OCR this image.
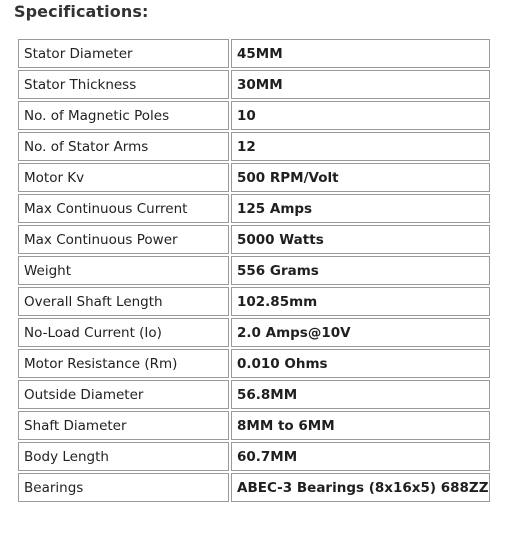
Specifications:
Stator Diameter	45MM
Stator Thickness	30MM
No. of Magnetic Poles	10
No. of Stator Arms	12
Motor Kv	500 RPM/Volt
Max Continuous Current	125 Amps
Max Continuous Power	5000 Watts
Weight	556 Grams
Overall Shaft Length	102.85mm
No-Load Current (Io)	2.0 Amps@10V
Motor Resistance (Rm)	0.010 Ohms
Outside Diameter	56.8MM
Shaft Diameter	8MM to 6MM
Body Length	60.7MM
Bearings	ABEC-3 Bearings (8x16x5) 688ZZ
